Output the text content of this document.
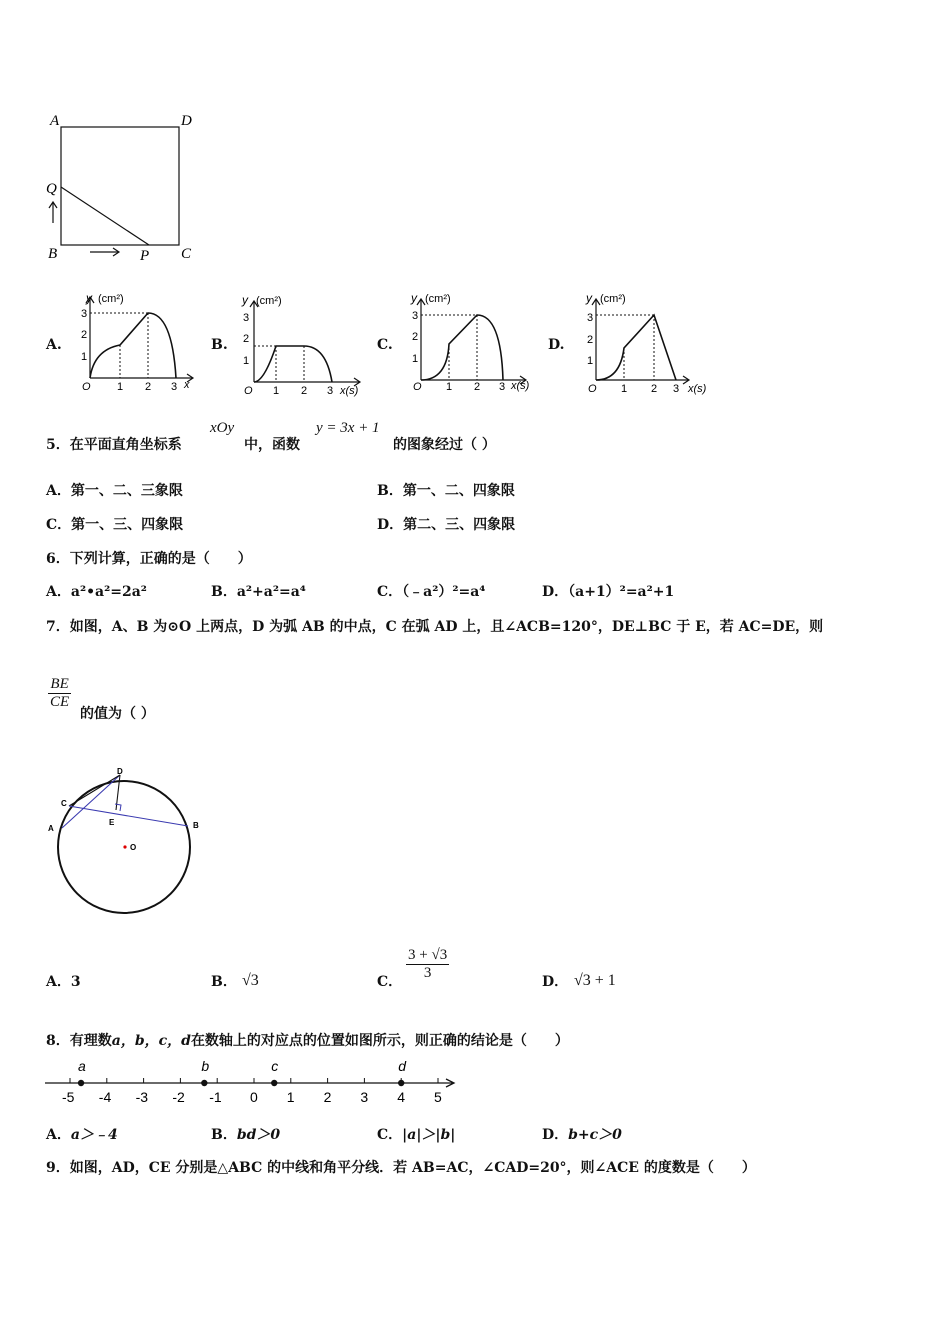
A	D
Q
B	P C
A.	B.	C.	D.
y (cm²)
x
O 1 2 3
1
2
3
y (cm²)
x(s)
O 1 2 3
1
2
3
y (cm²)
x(s)
O 1 2 3
1
2
3
y (cm²)
x(s)
O 1 2 3
1
2
3
5．在平面直角坐标系
xOy
中，函数
y = 3x + 1
的图象经过（ ）
A．第一、二、三象限	B．第一、二、四象限
C．第一、三、四象限	D．第二、三、四象限
6．下列计算，正确的是（　　）
A．a²•a²=2a²	B．a²+a²=a⁴	C．（﹣a²）²=a⁴	D．（a+1）²=a²+1
7．如图，A、B 为⊙O 上两点，D 为弧 AB 的中点，C 在弧 AD 上，且∠ACB=120°，DE⊥BC 于 E，若 AC=DE，则
$\frac{BE}{CE}$
的值为（ ）
D
C
A
E	B
O
A．3	B． √3	C． $\frac{3 + √3}{3}$	D． √3 + 1
8．有理数a，b，c，d在数轴上的对应点的位置如图所示，则正确的结论是（　　）
-5 -4 -3 -2 -1 0 1 2 3 4 5
a	b	c	d
A．a＞﹣4	B．bd＞0	C．|a|＞|b|	D．b+c＞0
9．如图，AD，CE 分别是△ABC 的中线和角平分线．若 AB=AC，∠CAD=20°，则∠ACE 的度数是（　　）
